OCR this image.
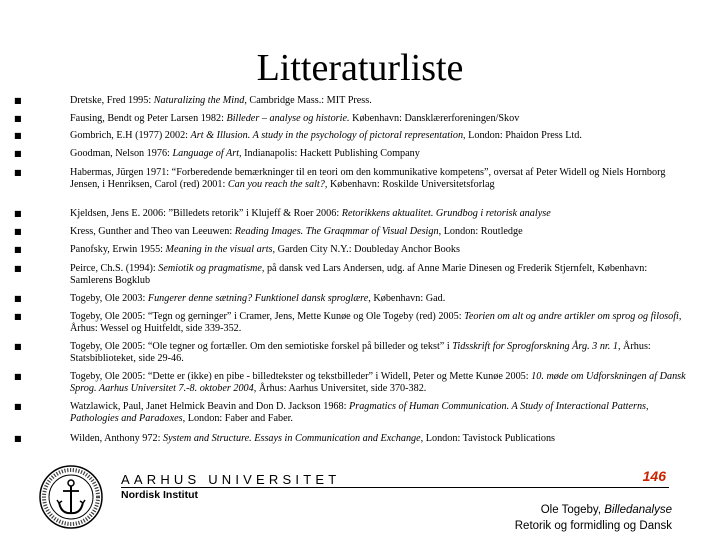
Litteraturliste
■	Dretske, Fred 1995: Naturalizing the Mind, Cambridge Mass.: MIT Press.
■	Fausing, Bendt og Peter Larsen 1982: Billeder – analyse og historie. København: Dansklærerforeningen/Skov
■	Gombrich, E.H (1977) 2002: Art & Illusion. A study in the psychology of pictoral representation, London: Phaidon Press Ltd.
■	Goodman, Nelson 1976: Language of Art, Indianapolis: Hackett Publishing Company
■	Habermas, Jürgen 1971: “Forberedende bemærkninger til en teori om den kommunikative kompetens”, oversat af Peter Widell og Niels Hornborg Jensen, i Henriksen, Carol (red) 2001: Can you reach the salt?, København: Roskilde Universitetsforlag
■	Kjeldsen, Jens E. 2006: ”Billedets retorik” i Klujeff & Roer 2006: Retorikkens aktualitet. Grundbog i retorisk analyse
■	Kress, Gunther and Theo van Leeuwen: Reading Images. The Graqmmar of Visual Design, London: Routledge
■	Panofsky, Erwin 1955: Meaning in the visual arts, Garden City N.Y.: Doubleday Anchor Books
■	Peirce, Ch.S. (1994): Semiotik og pragmatisme, på dansk ved Lars Andersen, udg. af Anne Marie Dinesen og Frederik Stjernfelt, København: Samlerens Bogklub
■	Togeby, Ole 2003: Fungerer denne sætning? Funktionel dansk sproglære, København: Gad.
■	Togeby, Ole 2005: “Tegn og gerninger” i Cramer, Jens, Mette Kunøe og Ole Togeby (red) 2005: Teorien om alt og andre artikler om sprog og filosofi, Århus: Wessel og Huitfeldt, side 339-352.
■	Togeby, Ole 2005: “Ole tegner og fortæller. Om den semiotiske forskel på billeder og tekst” i Tidsskrift for Sprogforskning Årg. 3 nr. 1, Århus: Statsbiblioteket, side 29-46.
■	Togeby, Ole 2005: “Dette er (ikke) en pibe - billedtekster og tekstbilleder” i Widell, Peter og Mette Kunøe 2005: 10. møde om Udforskningen af Dansk Sprog. Aarhus Universitet 7.-8. oktober 2004, Århus: Aarhus Universitet, side 370-382.
■	Watzlawick, Paul, Janet Helmick Beavin and Don D. Jackson 1968: Pragmatics of Human Communication. A Study of Interactional Patterns, Pathologies and Paradoxes, London: Faber and Faber.
■	Wilden, Anthony 972: System and Structure. Essays in Communication and Exchange, London: Tavistock Publications
AARHUS UNIVERSITET
Nordisk Institut
146
Ole Togeby, Billedanalyse
Retorik og formidling og Dansk
